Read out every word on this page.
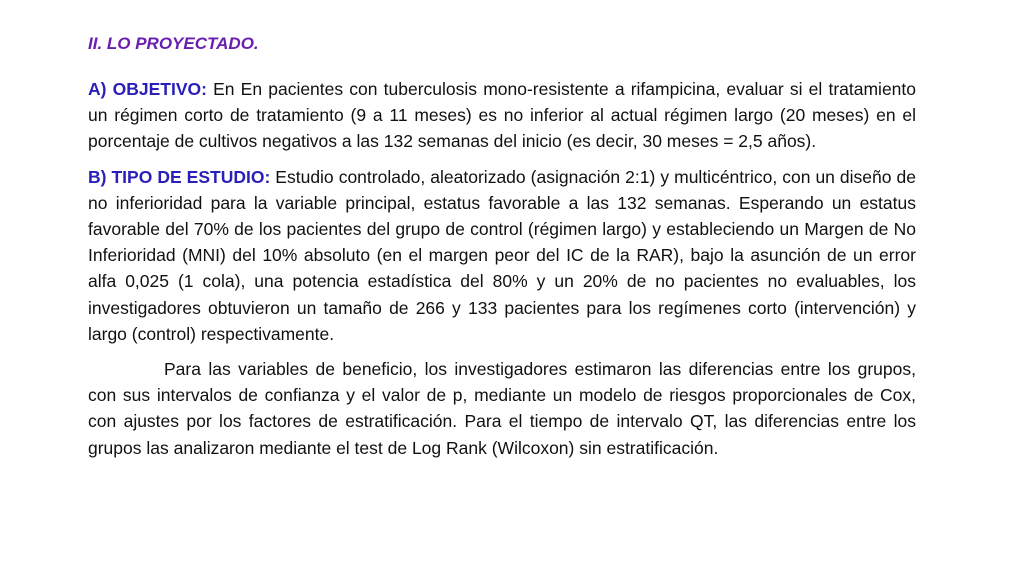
II. LO PROYECTADO.

A) OBJETIVO: En En pacientes con tuberculosis mono-resistente a rifampicina, evaluar si el tratamiento un régimen corto de tratamiento (9 a 11 meses) es no inferior al actual régimen largo (20 meses) en el porcentaje de cultivos negativos a las 132 semanas del inicio (es decir, 30 meses = 2,5 años).

B) TIPO DE ESTUDIO: Estudio controlado, aleatorizado (asignación 2:1) y multicéntrico, con un diseño de no inferioridad para la variable principal, estatus favorable a las 132 semanas. Esperando un estatus favorable del 70% de los pacientes del grupo de control (régimen largo) y estableciendo un Margen de No Inferioridad (MNI) del 10% absoluto (en el margen peor del IC de la RAR), bajo la asunción de un error alfa 0,025 (1 cola), una potencia estadística del 80% y un 20% de no pacientes no evaluables, los investigadores obtuvieron un tamaño de 266 y 133 pacientes para los regímenes corto (intervención) y largo (control) respectivamente.

Para las variables de beneficio, los investigadores estimaron las diferencias entre los grupos, con sus intervalos de confianza y el valor de p, mediante un modelo de riesgos proporcionales de Cox, con ajustes por los factores de estratificación. Para el tiempo de intervalo QT, las diferencias entre los grupos las analizaron mediante el test de Log Rank (Wilcoxon) sin estratificación.
